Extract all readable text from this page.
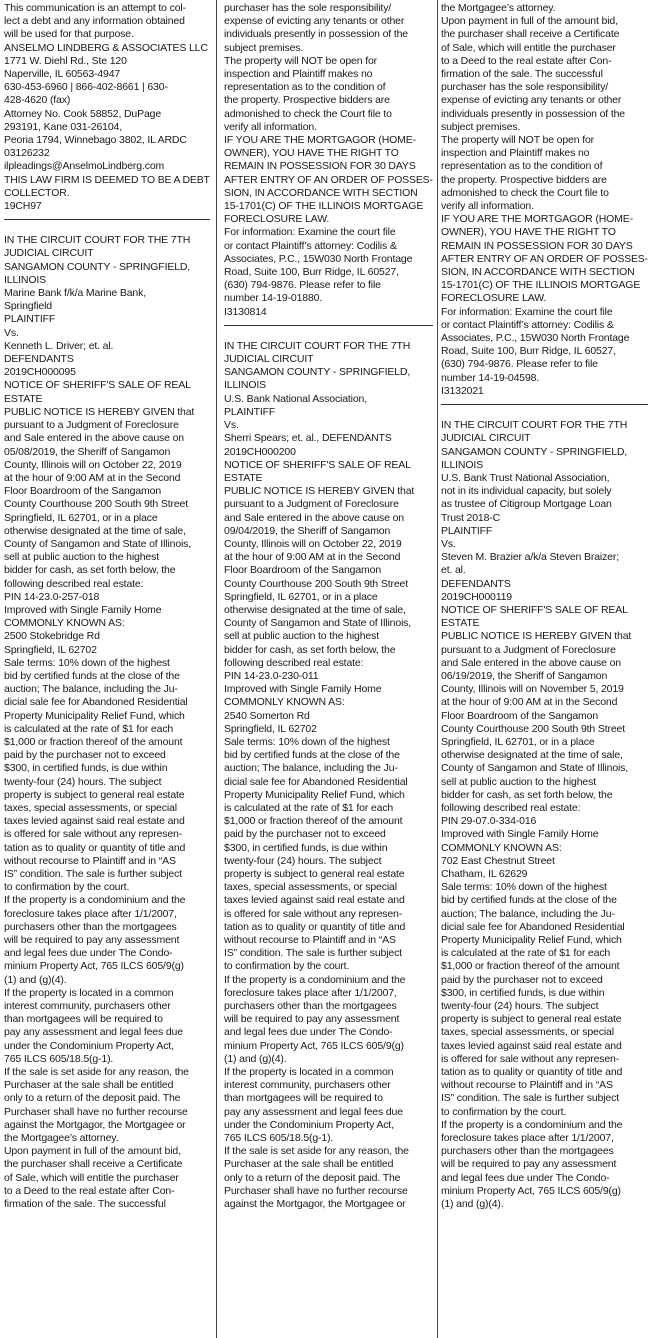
This communication is an attempt to col-
lect a debt and any information obtained
will be used for that purpose.
ANSELMO LINDBERG & ASSOCIATES LLC
1771 W. Diehl Rd., Ste 120
Naperville, IL 60563-4947
630-453-6960 | 866-402-8661 | 630-
428-4620 (fax)
Attorney No. Cook 58852, DuPage
293191, Kane 031-26104,
Peoria 1794, Winnebago 3802, IL ARDC
03126232
ilpleadings@AnselmoLindberg.com
THIS LAW FIRM IS DEEMED TO BE A DEBT
COLLECTOR.
19CH97
IN THE CIRCUIT COURT FOR THE 7TH
JUDICIAL CIRCUIT
SANGAMON COUNTY - SPRINGFIELD,
ILLINOIS
Marine Bank f/k/a Marine Bank,
Springfield
PLAINTIFF
Vs.
Kenneth L. Driver; et. al.
DEFENDANTS
2019CH000095
NOTICE OF SHERIFF'S SALE OF REAL
ESTATE
PUBLIC NOTICE IS HEREBY GIVEN that
pursuant to a Judgment of Foreclosure
and Sale entered in the above cause on
05/08/2019, the Sheriff of Sangamon
County, Illinois will on October 22, 2019
at the hour of 9:00 AM at in the Second
Floor Boardroom of the Sangamon
County Courthouse 200 South 9th Street
Springfield, IL 62701, or in a place
otherwise designated at the time of sale,
County of Sangamon and State of Illinois,
sell at public auction to the highest
bidder for cash, as set forth below, the
following described real estate:
PIN 14-23.0-257-018
Improved with Single Family Home
COMMONLY KNOWN AS:
2500 Stokebridge Rd
Springfield, IL 62702
Sale terms: 10% down of the highest
bid by certified funds at the close of the
auction; The balance, including the Ju-
dicial sale fee for Abandoned Residential
Property Municipality Relief Fund, which
is calculated at the rate of $1 for each
$1,000 or fraction thereof of the amount
paid by the purchaser not to exceed
$300, in certified funds, is due within
twenty-four (24) hours. The subject
property is subject to general real estate
taxes, special assessments, or special
taxes levied against said real estate and
is offered for sale without any represen-
tation as to quality or quantity of title and
without recourse to Plaintiff and in “AS
IS” condition. The sale is further subject
to confirmation by the court.
If the property is a condominium and the
foreclosure takes place after 1/1/2007,
purchasers other than the mortgagees
will be required to pay any assessment
and legal fees due under The Condo-
minium Property Act, 765 ILCS 605/9(g)
(1) and (g)(4).
If the property is located in a common
interest community, purchasers other
than mortgagees will be required to
pay any assessment and legal fees due
under the Condominium Property Act,
765 ILCS 605/18.5(g-1).
If the sale is set aside for any reason, the
Purchaser at the sale shall be entitled
only to a return of the deposit paid. The
Purchaser shall have no further recourse
against the Mortgagor, the Mortgagee or
the Mortgagee’s attorney.
Upon payment in full of the amount bid,
the purchaser shall receive a Certificate
of Sale, which will entitle the purchaser
to a Deed to the real estate after Con-
firmation of the sale. The successful
purchaser has the sole responsibility/
expense of evicting any tenants or other
individuals presently in possession of the
subject premises.
The property will NOT be open for
inspection and Plaintiff makes no
representation as to the condition of
the property. Prospective bidders are
admonished to check the Court file to
verify all information.
IF YOU ARE THE MORTGAGOR (HOME-
OWNER), YOU HAVE THE RIGHT TO
REMAIN IN POSSESSION FOR 30 DAYS
AFTER ENTRY OF AN ORDER OF POSSES-
SION, IN ACCORDANCE WITH SECTION
15-1701(C) OF THE ILLINOIS MORTGAGE
FORECLOSURE LAW.
For information: Examine the court file
or contact Plaintiff’s attorney: Codilis &
Associates, P.C., 15W030 North Frontage
Road, Suite 100, Burr Ridge, IL 60527,
(630) 794-9876. Please refer to file
number 14-19-01880.
I3130814
IN THE CIRCUIT COURT FOR THE 7TH
JUDICIAL CIRCUIT
SANGAMON COUNTY - SPRINGFIELD,
ILLINOIS
U.S. Bank National Association,
PLAINTIFF
Vs.
Sherri Spears; et. al., DEFENDANTS
2019CH000200
NOTICE OF SHERIFF'S SALE OF REAL
ESTATE
PUBLIC NOTICE IS HEREBY GIVEN that
pursuant to a Judgment of Foreclosure
and Sale entered in the above cause on
09/04/2019, the Sheriff of Sangamon
County, Illinois will on October 22, 2019
at the hour of 9:00 AM at in the Second
Floor Boardroom of the Sangamon
County Courthouse 200 South 9th Street
Springfield, IL 62701, or in a place
otherwise designated at the time of sale,
County of Sangamon and State of Illinois,
sell at public auction to the highest
bidder for cash, as set forth below, the
following described real estate:
PIN 14-23.0-230-011
Improved with Single Family Home
COMMONLY KNOWN AS:
2540 Somerton Rd
Springfield, IL 62702
Sale terms: 10% down of the highest
bid by certified funds at the close of the
auction; The balance, including the Ju-
dicial sale fee for Abandoned Residential
Property Municipality Relief Fund, which
is calculated at the rate of $1 for each
$1,000 or fraction thereof of the amount
paid by the purchaser not to exceed
$300, in certified funds, is due within
twenty-four (24) hours. The subject
property is subject to general real estate
taxes, special assessments, or special
taxes levied against said real estate and
is offered for sale without any represen-
tation as to quality or quantity of title and
without recourse to Plaintiff and in “AS
IS” condition. The sale is further subject
to confirmation by the court.
If the property is a condominium and the
foreclosure takes place after 1/1/2007,
purchasers other than the mortgagees
will be required to pay any assessment
and legal fees due under The Condo-
minium Property Act, 765 ILCS 605/9(g)
(1) and (g)(4).
If the property is located in a common
interest community, purchasers other
than mortgagees will be required to
pay any assessment and legal fees due
under the Condominium Property Act,
765 ILCS 605/18.5(g-1).
If the sale is set aside for any reason, the
Purchaser at the sale shall be entitled
only to a return of the deposit paid. The
Purchaser shall have no further recourse
against the Mortgagor, the Mortgagee or
the Mortgagee’s attorney.
Upon payment in full of the amount bid,
the purchaser shall receive a Certificate
of Sale, which will entitle the purchaser
to a Deed to the real estate after Con-
firmation of the sale. The successful
purchaser has the sole responsibility/
expense of evicting any tenants or other
individuals presently in possession of the
subject premises.
The property will NOT be open for
inspection and Plaintiff makes no
representation as to the condition of
the property. Prospective bidders are
admonished to check the Court file to
verify all information.
IF YOU ARE THE MORTGAGOR (HOME-
OWNER), YOU HAVE THE RIGHT TO
REMAIN IN POSSESSION FOR 30 DAYS
AFTER ENTRY OF AN ORDER OF POSSES-
SION, IN ACCORDANCE WITH SECTION
15-1701(C) OF THE ILLINOIS MORTGAGE
FORECLOSURE LAW.
For information: Examine the court file
or contact Plaintiff’s attorney: Codilis &
Associates, P.C., 15W030 North Frontage
Road, Suite 100, Burr Ridge, IL 60527,
(630) 794-9876. Please refer to file
number 14-19-04598.
I3132021
IN THE CIRCUIT COURT FOR THE 7TH
JUDICIAL CIRCUIT
SANGAMON COUNTY - SPRINGFIELD,
ILLINOIS
U.S. Bank Trust National Association,
not in its individual capacity, but solely
as trustee of Citigroup Mortgage Loan
Trust 2018-C
PLAINTIFF
Vs.
Steven M. Brazier a/k/a Steven Braizer;
et. al.
DEFENDANTS
2019CH000119
NOTICE OF SHERIFF'S SALE OF REAL
ESTATE
PUBLIC NOTICE IS HEREBY GIVEN that
pursuant to a Judgment of Foreclosure
and Sale entered in the above cause on
06/19/2019, the Sheriff of Sangamon
County, Illinois will on November 5, 2019
at the hour of 9:00 AM at in the Second
Floor Boardroom of the Sangamon
County Courthouse 200 South 9th Street
Springfield, IL 62701, or in a place
otherwise designated at the time of sale,
County of Sangamon and State of Illinois,
sell at public auction to the highest
bidder for cash, as set forth below, the
following described real estate:
PIN 29-07.0-334-016
Improved with Single Family Home
COMMONLY KNOWN AS:
702 East Chestnut Street
Chatham, IL 62629
Sale terms: 10% down of the highest
bid by certified funds at the close of the
auction; The balance, including the Ju-
dicial sale fee for Abandoned Residential
Property Municipality Relief Fund, which
is calculated at the rate of $1 for each
$1,000 or fraction thereof of the amount
paid by the purchaser not to exceed
$300, in certified funds, is due within
twenty-four (24) hours. The subject
property is subject to general real estate
taxes, special assessments, or special
taxes levied against said real estate and
is offered for sale without any represen-
tation as to quality or quantity of title and
without recourse to Plaintiff and in “AS
IS” condition. The sale is further subject
to confirmation by the court.
If the property is a condominium and the
foreclosure takes place after 1/1/2007,
purchasers other than the mortgagees
will be required to pay any assessment
and legal fees due under The Condo-
minium Property Act, 765 ILCS 605/9(g)
(1) and (g)(4).
